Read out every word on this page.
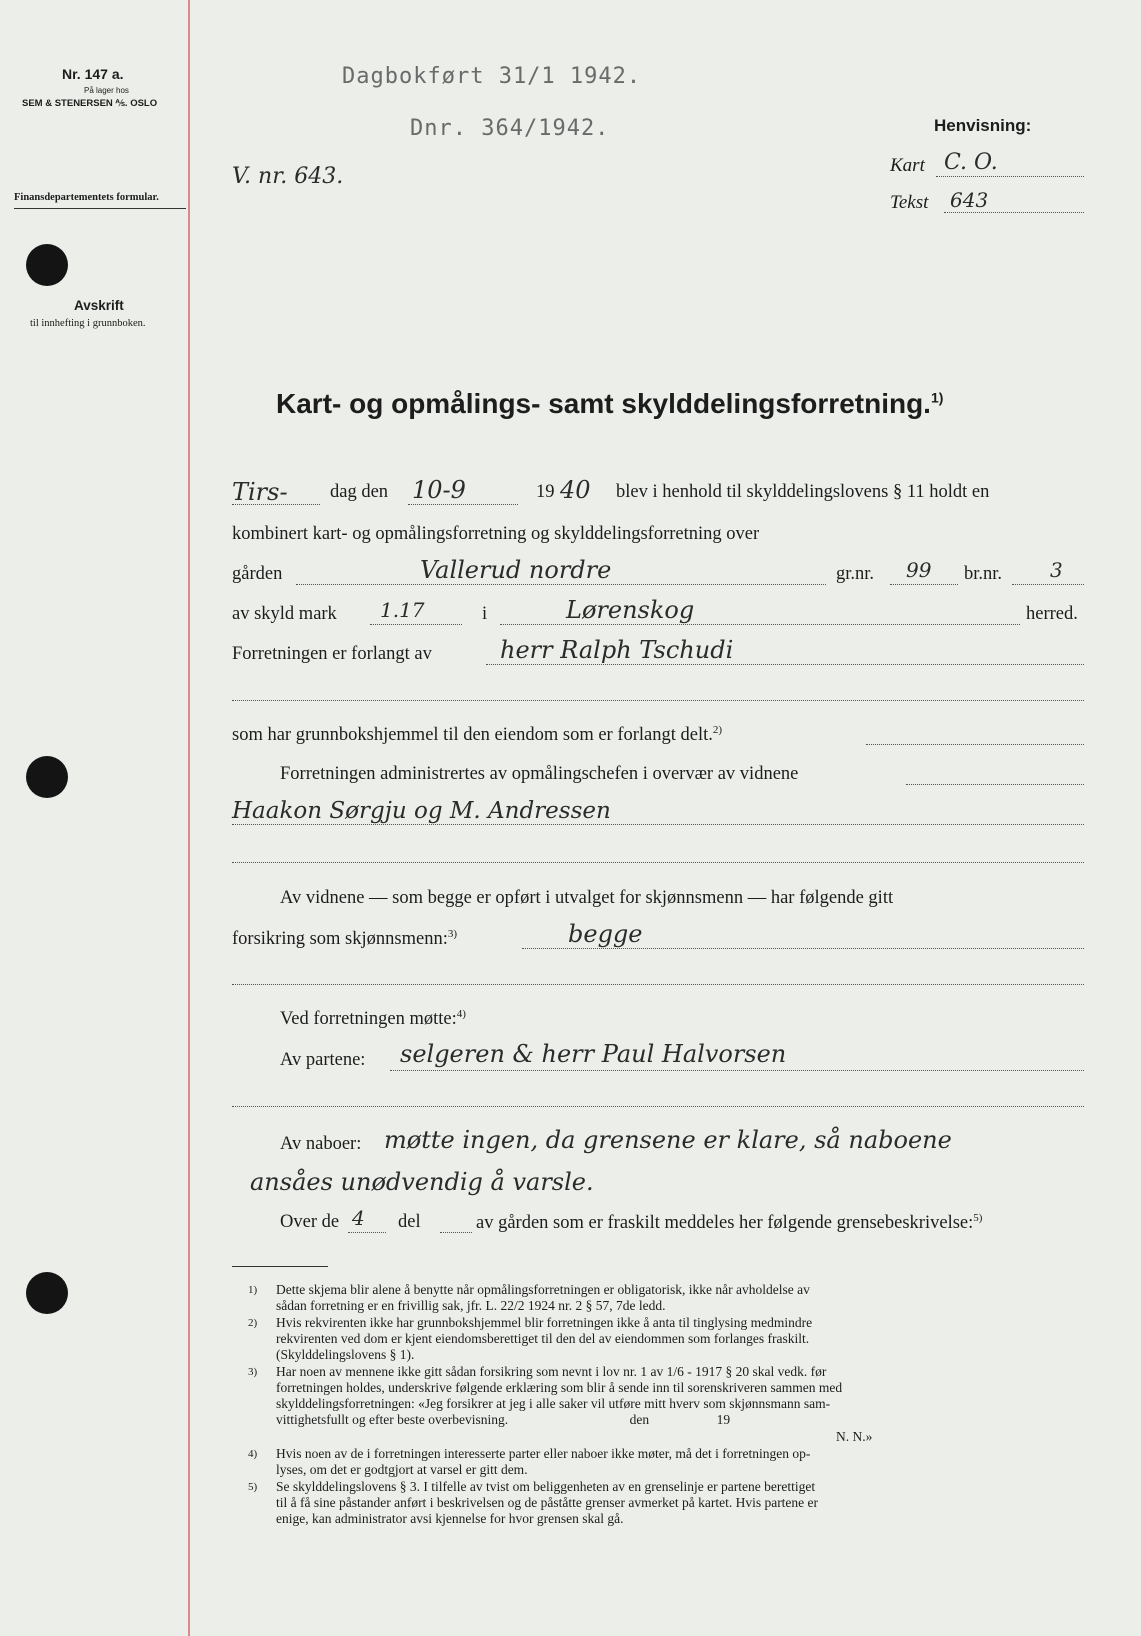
Nr. 147 a.
På lager hos
SEM & STENERSEN ⅍. OSLO
Finansdepartementets formular.
Avskrift
til innhefting i grunnboken.
Dagbokført 31/1 1942.
Dnr. 364/1942.
V. nr. 643.
Henvisning:
Kart C. O.
Tekst 643
Kart- og opmålings- samt skylddelingsforretning.$^{1)}$
Tirs- dag den 10-9	19 40 blev i henhold til skylddelingslovens § 11 holdt en
kombinert kart- og opmålingsforretning og skylddelingsforretning over
gården	Vallerud nordre	gr.nr. 99 br.nr. 3
av skyld mark 1.17	i	Lørenskog	herred.
Forretningen er forlangt av	herr Ralph Tschudi
som har grunnbokshjemmel til den eiendom som er forlangt delt.$^{2)}$
Forretningen administrertes av opmålingschefen i overvær av vidnene
Haakon Sørgju og M. Andressen
Av vidnene — som begge er opført i utvalget for skjønnsmenn — har følgende gitt
forsikring som skjønnsmenn:$^{3)}$	begge
Ved forretningen møtte:$^{4)}$
Av partene: selgeren & herr Paul Halvorsen
Av naboer: møtte ingen, da grensene er klare, så naboene
ansåes unødvendig å varsle.
Over de 4 del	av gården som er fraskilt meddeles her følgende grensebeskrivelse:$^{5)}$
1) Dette skjema blir alene å benytte når opmålingsforretningen er obligatorisk, ikke når avholdelse av
sådan forretning er en frivillig sak, jfr. L. 22/2 1924 nr. 2 § 57, 7de ledd.
2) Hvis rekvirenten ikke har grunnbokshjemmel blir forretningen ikke å anta til tinglysing medmindre
rekvirenten ved dom er kjent eiendomsberettiget til den del av eiendommen som forlanges fraskilt.
(Skylddelingslovens § 1).
3) Har noen av mennene ikke gitt sådan forsikring som nevnt i lov nr. 1 av 1/6 - 1917 § 20 skal vedk. før
forretningen holdes, underskrive følgende erklæring som blir å sende inn til sorenskriveren sammen med
skylddelingsforretningen: «Jeg forsikrer at jeg i alle saker vil utføre mitt hverv som skjønnsmann sam-
vittighetsfullt og efter beste overbevisning.                                    den                    19
N. N.»
4) Hvis noen av de i forretningen interesserte parter eller naboer ikke møter, må det i forretningen op-
lyses, om det er godtgjort at varsel er gitt dem.
5) Se skylddelingslovens § 3. I tilfelle av tvist om beliggenheten av en grenselinje er partene berettiget
til å få sine påstander anført i beskrivelsen og de påståtte grenser avmerket på kartet. Hvis partene er
enige, kan administrator avsi kjennelse for hvor grensen skal gå.
